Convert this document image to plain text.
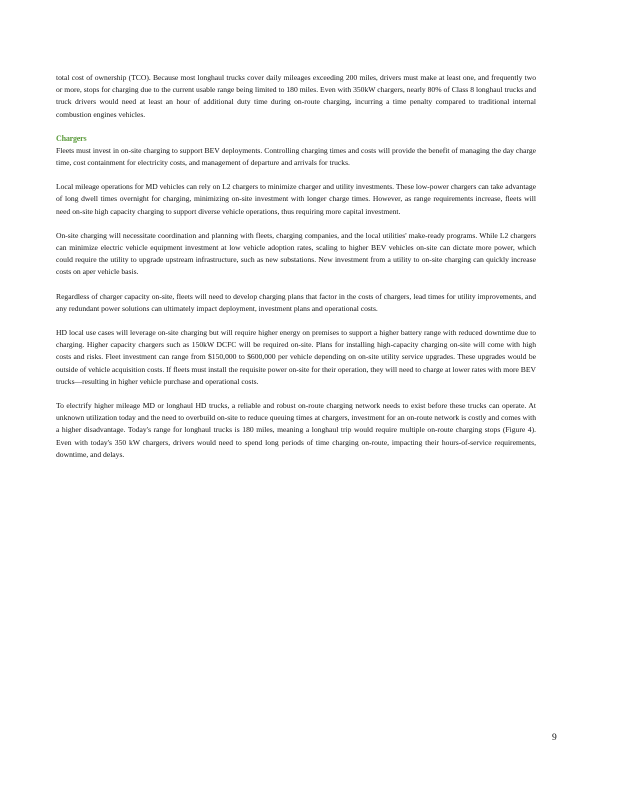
total cost of ownership (TCO). Because most longhaul trucks cover daily mileages exceeding 200 miles, drivers must make at least one, and frequently two or more, stops for charging due to the current usable range being limited to 180 miles. Even with 350kW chargers, nearly 80% of Class 8 longhaul trucks and truck drivers would need at least an hour of additional duty time during on-route charging, incurring a time penalty compared to traditional internal combustion engines vehicles.

Chargers

Fleets must invest in on-site charging to support BEV deployments. Controlling charging times and costs will provide the benefit of managing the day charge time, cost containment for electricity costs, and management of departure and arrivals for trucks.

Local mileage operations for MD vehicles can rely on L2 chargers to minimize charger and utility investments. These low-power chargers can take advantage of long dwell times overnight for charging, minimizing on-site investment with longer charge times. However, as range requirements increase, fleets will need on-site high capacity charging to support diverse vehicle operations, thus requiring more capital investment.

On-site charging will necessitate coordination and planning with fleets, charging companies, and the local utilities' make-ready programs. While L2 chargers can minimize electric vehicle equipment investment at low vehicle adoption rates, scaling to higher BEV vehicles on-site can dictate more power, which could require the utility to upgrade upstream infrastructure, such as new substations. New investment from a utility to on-site charging can quickly increase costs on aper vehicle basis.

Regardless of charger capacity on-site, fleets will need to develop charging plans that factor in the costs of chargers, lead times for utility improvements, and any redundant power solutions can ultimately impact deployment, investment plans and operational costs.

HD local use cases will leverage on-site charging but will require higher energy on premises to support a higher battery range with reduced downtime due to charging. Higher capacity chargers such as 150kW DCFC will be required on-site. Plans for installing high-capacity charging on-site will come with high costs and risks. Fleet investment can range from $150,000 to $600,000 per vehicle depending on on-site utility service upgrades. These upgrades would be outside of vehicle acquisition costs. If fleets must install the requisite power on-site for their operation, they will need to charge at lower rates with more BEV trucks—resulting in higher vehicle purchase and operational costs.

To electrify higher mileage MD or longhaul HD trucks, a reliable and robust on-route charging network needs to exist before these trucks can operate. At unknown utilization today and the need to overbuild on-site to reduce queuing times at chargers, investment for an on-route network is costly and comes with a higher disadvantage. Today's range for longhaul trucks is 180 miles, meaning a longhaul trip would require multiple on-route charging stops (Figure 4). Even with today's 350 kW chargers, drivers would need to spend long periods of time charging on-route, impacting their hours-of-service requirements, downtime, and delays.

9
